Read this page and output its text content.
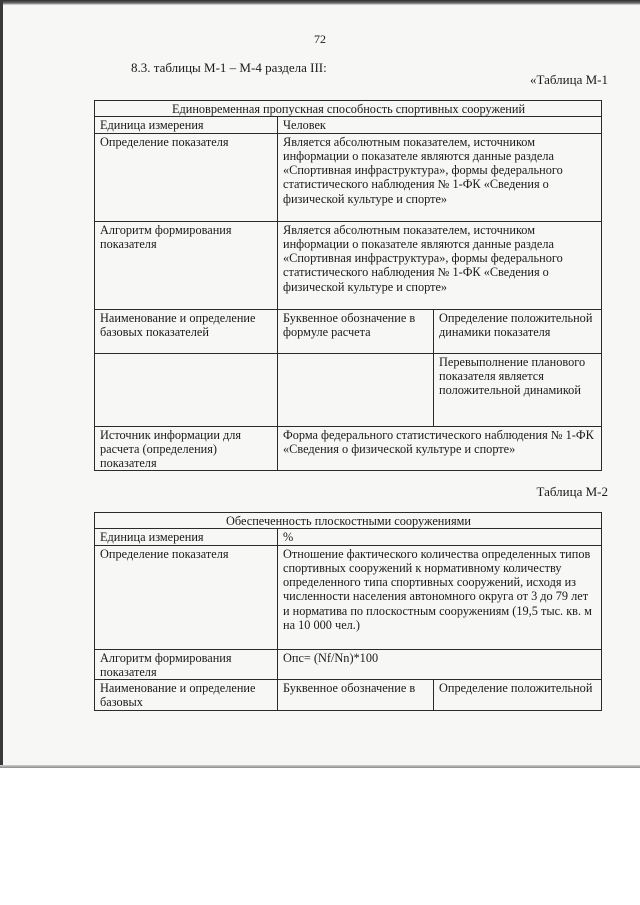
72
8.3. таблицы М-1 – М-4 раздела III:
«Таблица М-1
Единовременная пропускная способность спортивных сооружений		
Единица измерения	Человек	
Определение показателя	Является абсолютным показателем, источником информации о показателе являются данные раздела «Спортивная инфраструктура», формы федерального статистического наблюдения № 1-ФК «Сведения о физической культуре и спорте»	
Алгоритм формирования показателя	Является абсолютным показателем, источником информации о показателе являются данные раздела «Спортивная инфраструктура», формы федерального статистического наблюдения № 1-ФК «Сведения о физической культуре и спорте»	
Наименование и определение базовых показателей	Буквенное обозначение в формуле расчета	Определение положительной динамики показателя
		Перевыполнение планового показателя является положительной динамикой
Источник информации для расчета (определения) показателя	Форма федерального статистического наблюдения № 1-ФК «Сведения о физической культуре и спорте»	
Таблица М-2
Обеспеченность плоскостными сооружениями		
Единица измерения	%	
Определение показателя	Отношение фактического количества определенных типов спортивных сооружений к нормативному количеству определенного типа спортивных сооружений, исходя из численности населения автономного округа от 3 до 79 лет и норматива по плоскостным сооружениям (19,5 тыс. кв. м на 10 000 чел.)	
Алгоритм формирования показателя	Опс= (Nf/Nn)*100	
Наименование и определение базовых	Буквенное обозначение в	Определение положительной
